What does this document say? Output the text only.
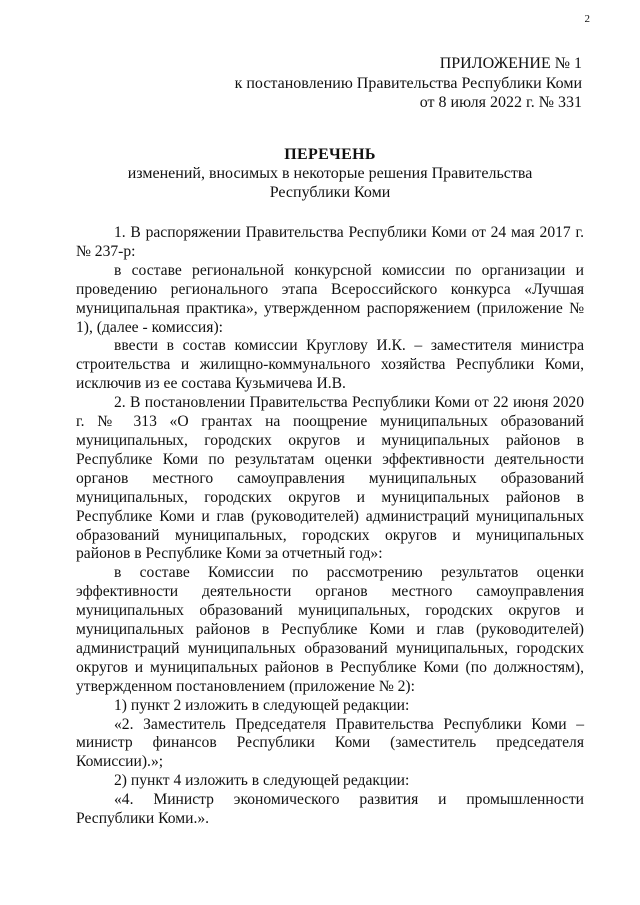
2
ПРИЛОЖЕНИЕ № 1
к постановлению Правительства Республики Коми
от 8 июля 2022 г. № 331
ПЕРЕЧЕНЬ
изменений, вносимых в некоторые решения Правительства
Республики Коми

1. В распоряжении Правительства Республики Коми от 24 мая 2017 г. № 237-р:

в составе региональной конкурсной комиссии по организации и проведению регионального этапа Всероссийского конкурса «Лучшая муниципальная практика», утвержденном распоряжением (приложение № 1), (далее - комиссия):

ввести в состав комиссии Круглову И.К. – заместителя министра строительства и жилищно-коммунального хозяйства Республики Коми, исключив из ее состава Кузьмичева И.В.

2. В постановлении Правительства Республики Коми от 22 июня 2020 г. № 313 «О грантах на поощрение муниципальных образований муниципальных, городских округов и муниципальных районов в Республике Коми по результатам оценки эффективности деятельности органов местного самоуправления муниципальных образований муниципальных, городских округов и муниципальных районов в Республике Коми и глав (руководителей) администраций муниципальных образований муниципальных, городских округов и муниципальных районов в Республике Коми за отчетный год»:

в составе Комиссии по рассмотрению результатов оценки эффективности деятельности органов местного самоуправления муниципальных образований муниципальных, городских округов и муниципальных районов в Республике Коми и глав (руководителей) администраций муниципальных образований муниципальных, городских округов и муниципальных районов в Республике Коми (по должностям), утвержденном постановлением (приложение № 2):

1) пункт 2 изложить в следующей редакции:

«2. Заместитель Председателя Правительства Республики Коми – министр финансов Республики Коми (заместитель председателя Комиссии).»;

2) пункт 4 изложить в следующей редакции:

«4. Министр экономического развития и промышленности Республики Коми.».
